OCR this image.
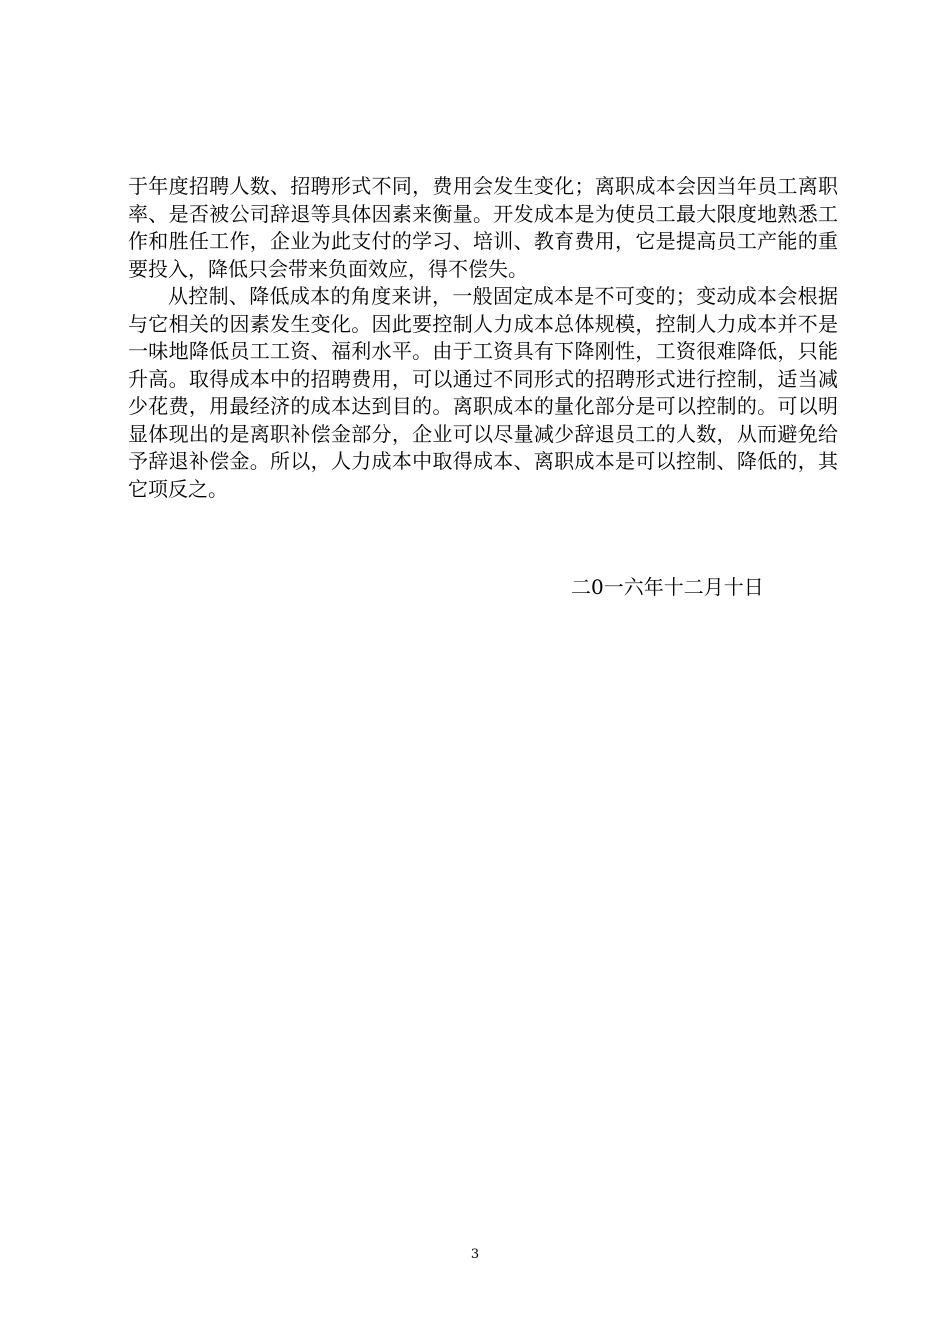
于年度招聘人数、招聘形式不同，费用会发生变化；离职成本会因当年员工离职率、是否被公司辞退等具体因素来衡量。开发成本是为使员工最大限度地熟悉工作和胜任工作，企业为此支付的学习、培训、教育费用，它是提高员工产能的重要投入，降低只会带来负面效应，得不偿失。

从控制、降低成本的角度来讲，一般固定成本是不可变的；变动成本会根据与它相关的因素发生变化。因此要控制人力成本总体规模，控制人力成本并不是一味地降低员工工资、福利水平。由于工资具有下降刚性，工资很难降低，只能升高。取得成本中的招聘费用，可以通过不同形式的招聘形式进行控制，适当减少花费，用最经济的成本达到目的。离职成本的量化部分是可以控制的。可以明显体现出的是离职补偿金部分，企业可以尽量减少辞退员工的人数，从而避免给予辞退补偿金。所以，人力成本中取得成本、离职成本是可以控制、降低的，其它项反之。

二0一六年十二月十日
3
